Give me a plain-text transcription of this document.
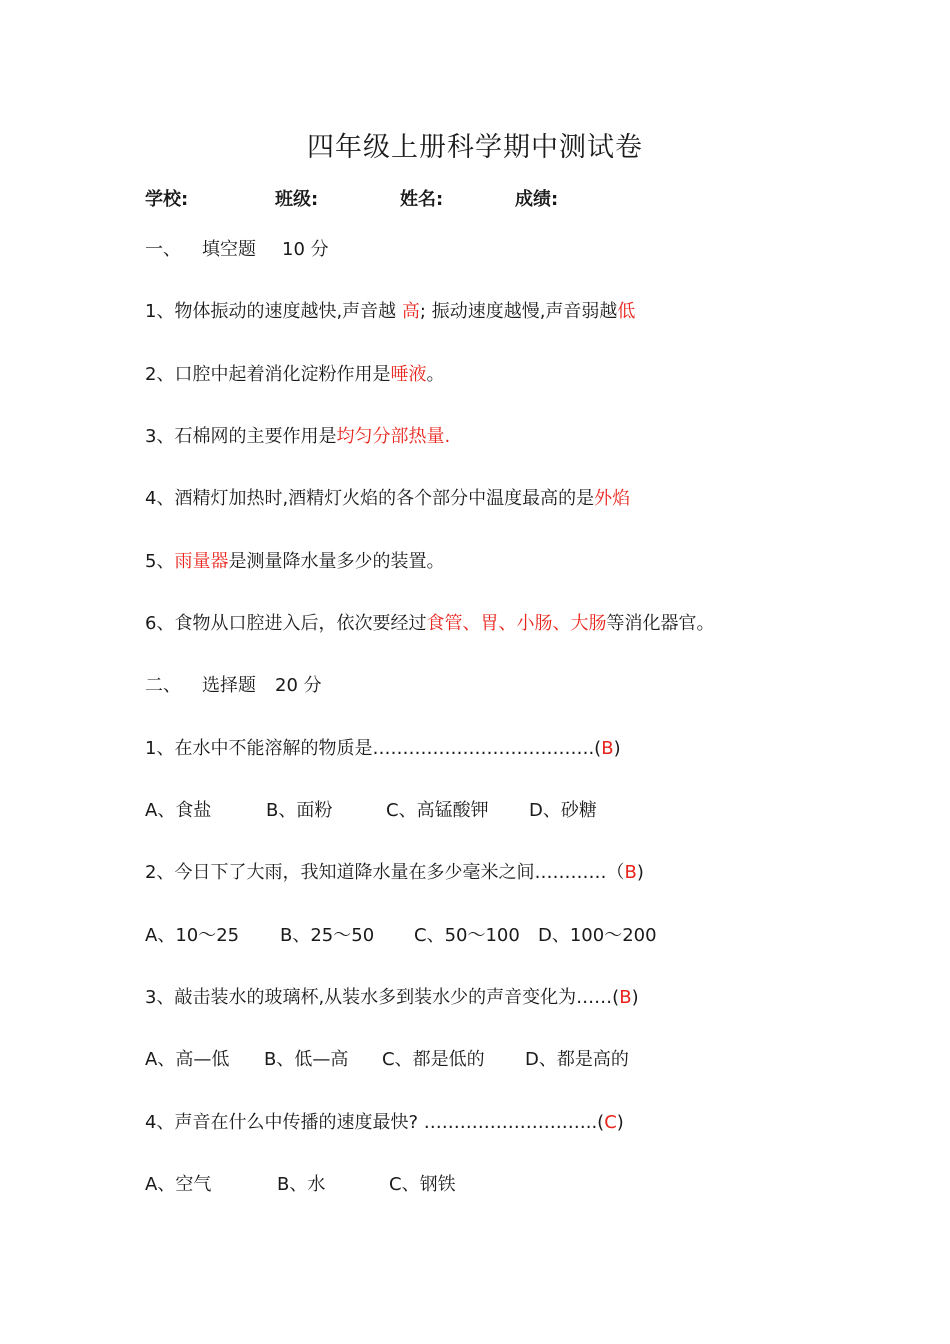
四年级上册科学期中测试卷
学校:	班级:	姓名:	成绩:
一、 填空题 10 分
1、物体振动的速度越快,声音越 高; 振动速度越慢,声音弱越低
2、口腔中起着消化淀粉作用是唾液。
3、石棉网的主要作用是均匀分部热量.
4、酒精灯加热时,酒精灯火焰的各个部分中温度最高的是外焰
5、雨量器是测量降水量多少的装置。
6、食物从口腔进入后，依次要经过食管、胃、小肠、大肠等消化器官。
二、 选择题 20 分
1、在水中不能溶解的物质是……………………………….(B)
A、食盐	B、面粉	C、高锰酸钾 D、砂糖
2、今日下了大雨，我知道降水量在多少毫米之间…………（B)
A、10～25 B、25～50 C、50～100 D、100～200
3、敲击装水的玻璃杯,从装水多到装水少的声音变化为……(B)
A、高—低 B、低—高 C、都是低的 D、都是高的
4、声音在什么中传播的速度最快? ………………………..(C)
A、空气	B、水	C、钢铁
